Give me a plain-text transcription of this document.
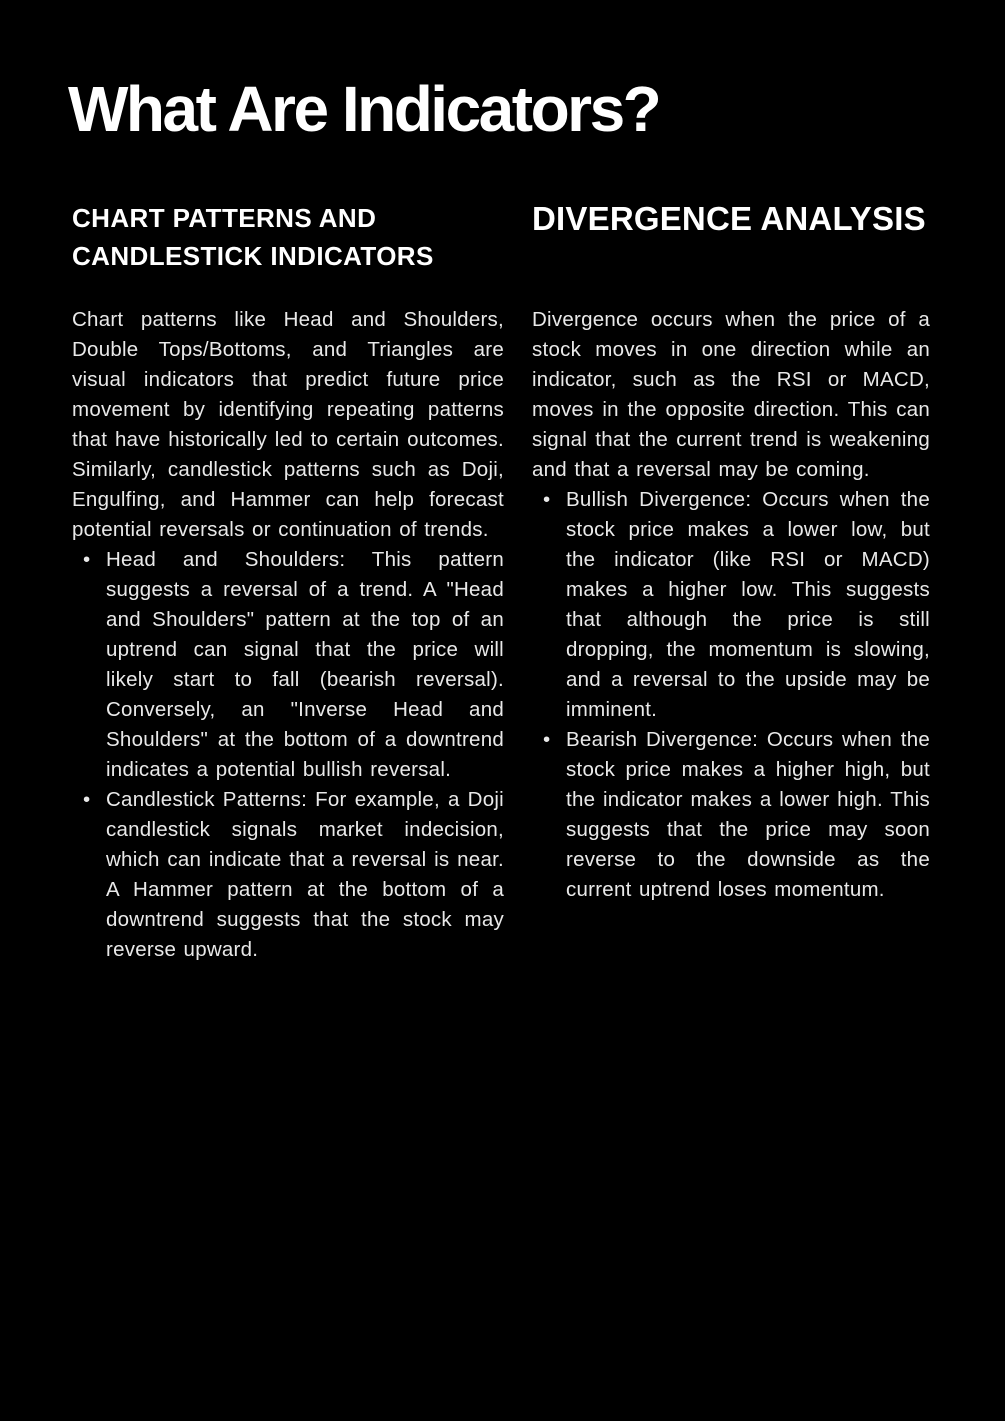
What Are Indicators?
CHART PATTERNS AND CANDLESTICK INDICATORS

Chart patterns like Head and Shoulders, Double Tops/Bottoms, and Triangles are visual indicators that predict future price movement by identifying repeating patterns that have historically led to certain outcomes. Similarly, candlestick patterns such as Doji, Engulfing, and Hammer can help forecast potential reversals or continuation of trends.

• Head and Shoulders: This pattern suggests a reversal of a trend. A "Head and Shoulders" pattern at the top of an uptrend can signal that the price will likely start to fall (bearish reversal). Conversely, an "Inverse Head and Shoulders" at the bottom of a downtrend indicates a potential bullish reversal.
• Candlestick Patterns: For example, a Doji candlestick signals market indecision, which can indicate that a reversal is near. A Hammer pattern at the bottom of a downtrend suggests that the stock may reverse upward.
DIVERGENCE ANALYSIS

Divergence occurs when the price of a stock moves in one direction while an indicator, such as the RSI or MACD, moves in the opposite direction. This can signal that the current trend is weakening and that a reversal may be coming.

• Bullish Divergence: Occurs when the stock price makes a lower low, but the indicator (like RSI or MACD) makes a higher low. This suggests that although the price is still dropping, the momentum is slowing, and a reversal to the upside may be imminent.
• Bearish Divergence: Occurs when the stock price makes a higher high, but the indicator makes a lower high. This suggests that the price may soon reverse to the downside as the current uptrend loses momentum.
